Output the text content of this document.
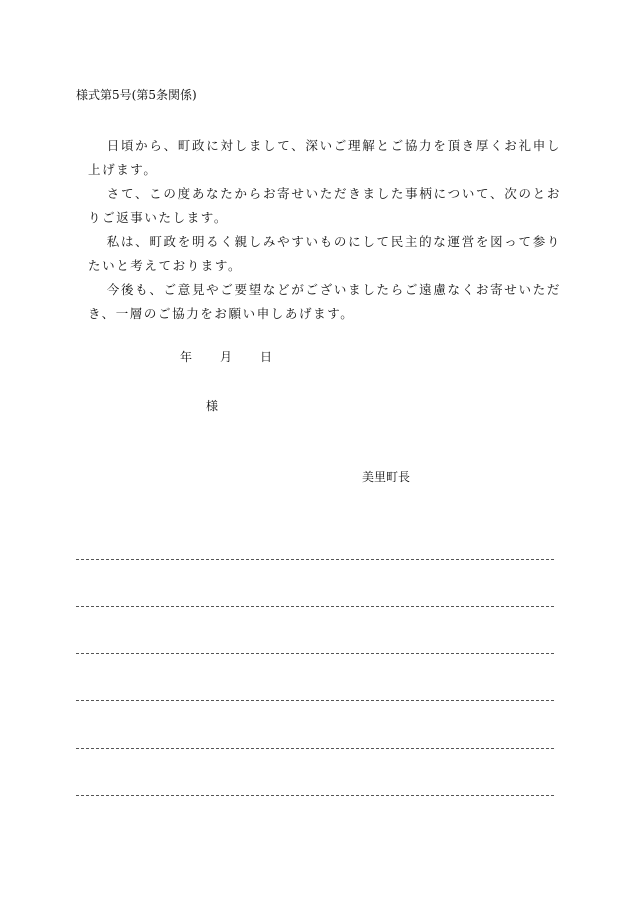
様式第5号(第5条関係)

日頃から、町政に対しまして、深いご理解とご協力を頂き厚くお礼申し上げます。

さて、この度あなたからお寄せいただきました事柄について、次のとおりご返事いたします。

私は、町政を明るく親しみやすいものにして民主的な運営を図って参りたいと考えております。

今後も、ご意見やご要望などがございましたらご遠慮なくお寄せいただき、一層のご協力をお願い申しあげます。

年 月 日
様
美里町長
